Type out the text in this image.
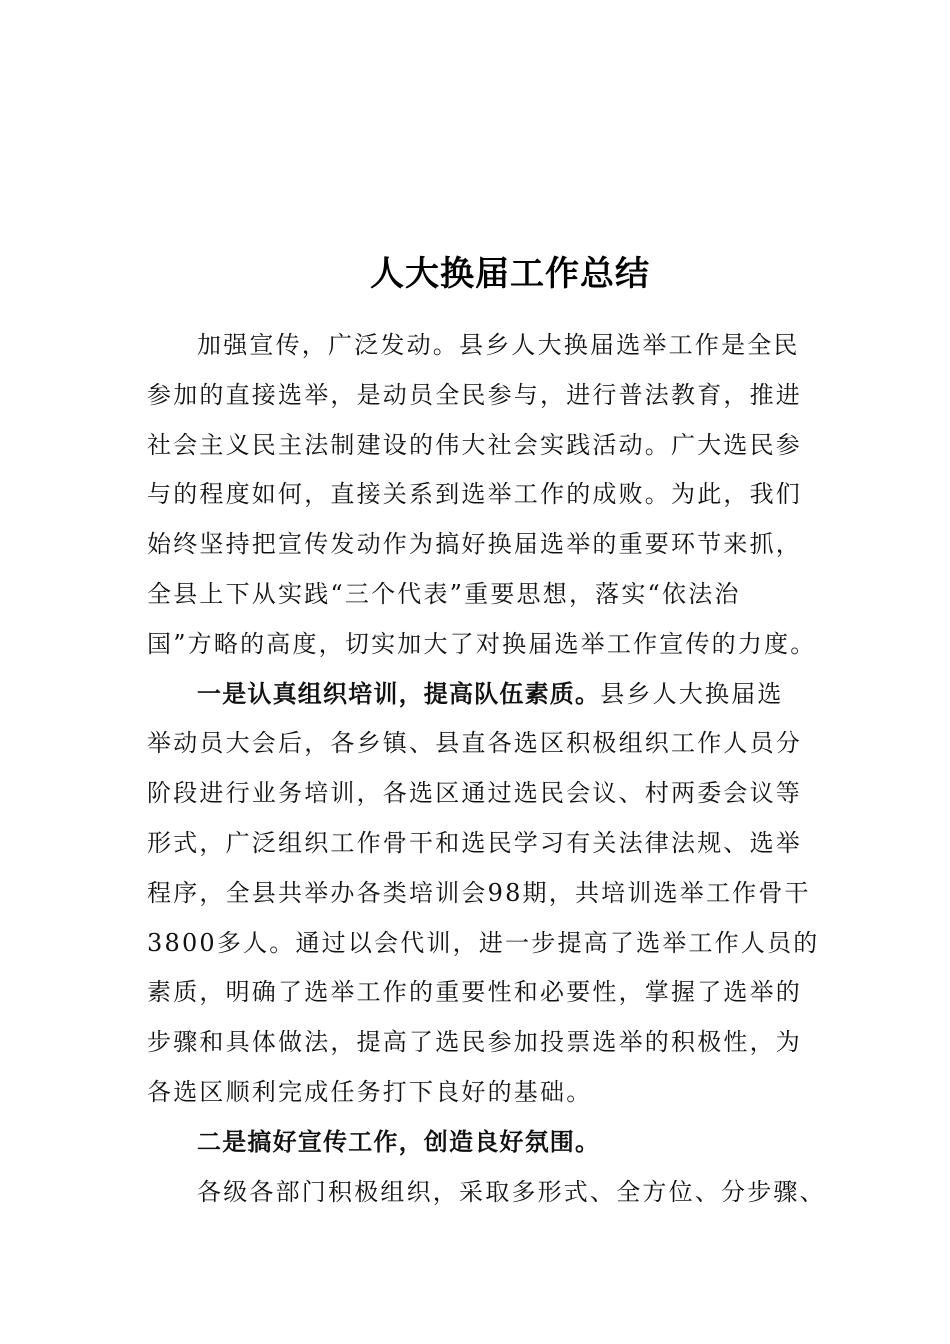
人大换届工作总结
加强宣传，广泛发动。县乡人大换届选举工作是全民
参加的直接选举，是动员全民参与，进行普法教育，推进
社会主义民主法制建设的伟大社会实践活动。广大选民参
与的程度如何，直接关系到选举工作的成败。为此，我们
始终坚持把宣传发动作为搞好换届选举的重要环节来抓，
全县上下从实践“三个代表”重要思想，落实“依法治
国”方略的高度，切实加大了对换届选举工作宣传的力度。
一是认真组织培训，提高队伍素质。县乡人大换届选
举动员大会后，各乡镇、县直各选区积极组织工作人员分
阶段进行业务培训，各选区通过选民会议、村两委会议等
形式，广泛组织工作骨干和选民学习有关法律法规、选举
程序，全县共举办各类培训会98期，共培训选举工作骨干
3800多人。通过以会代训，进一步提高了选举工作人员的
素质，明确了选举工作的重要性和必要性，掌握了选举的
步骤和具体做法，提高了选民参加投票选举的积极性，为
各选区顺利完成任务打下良好的基础。
二是搞好宣传工作，创造良好氛围。
各级各部门积极组织，采取多形式、全方位、分步骤、
